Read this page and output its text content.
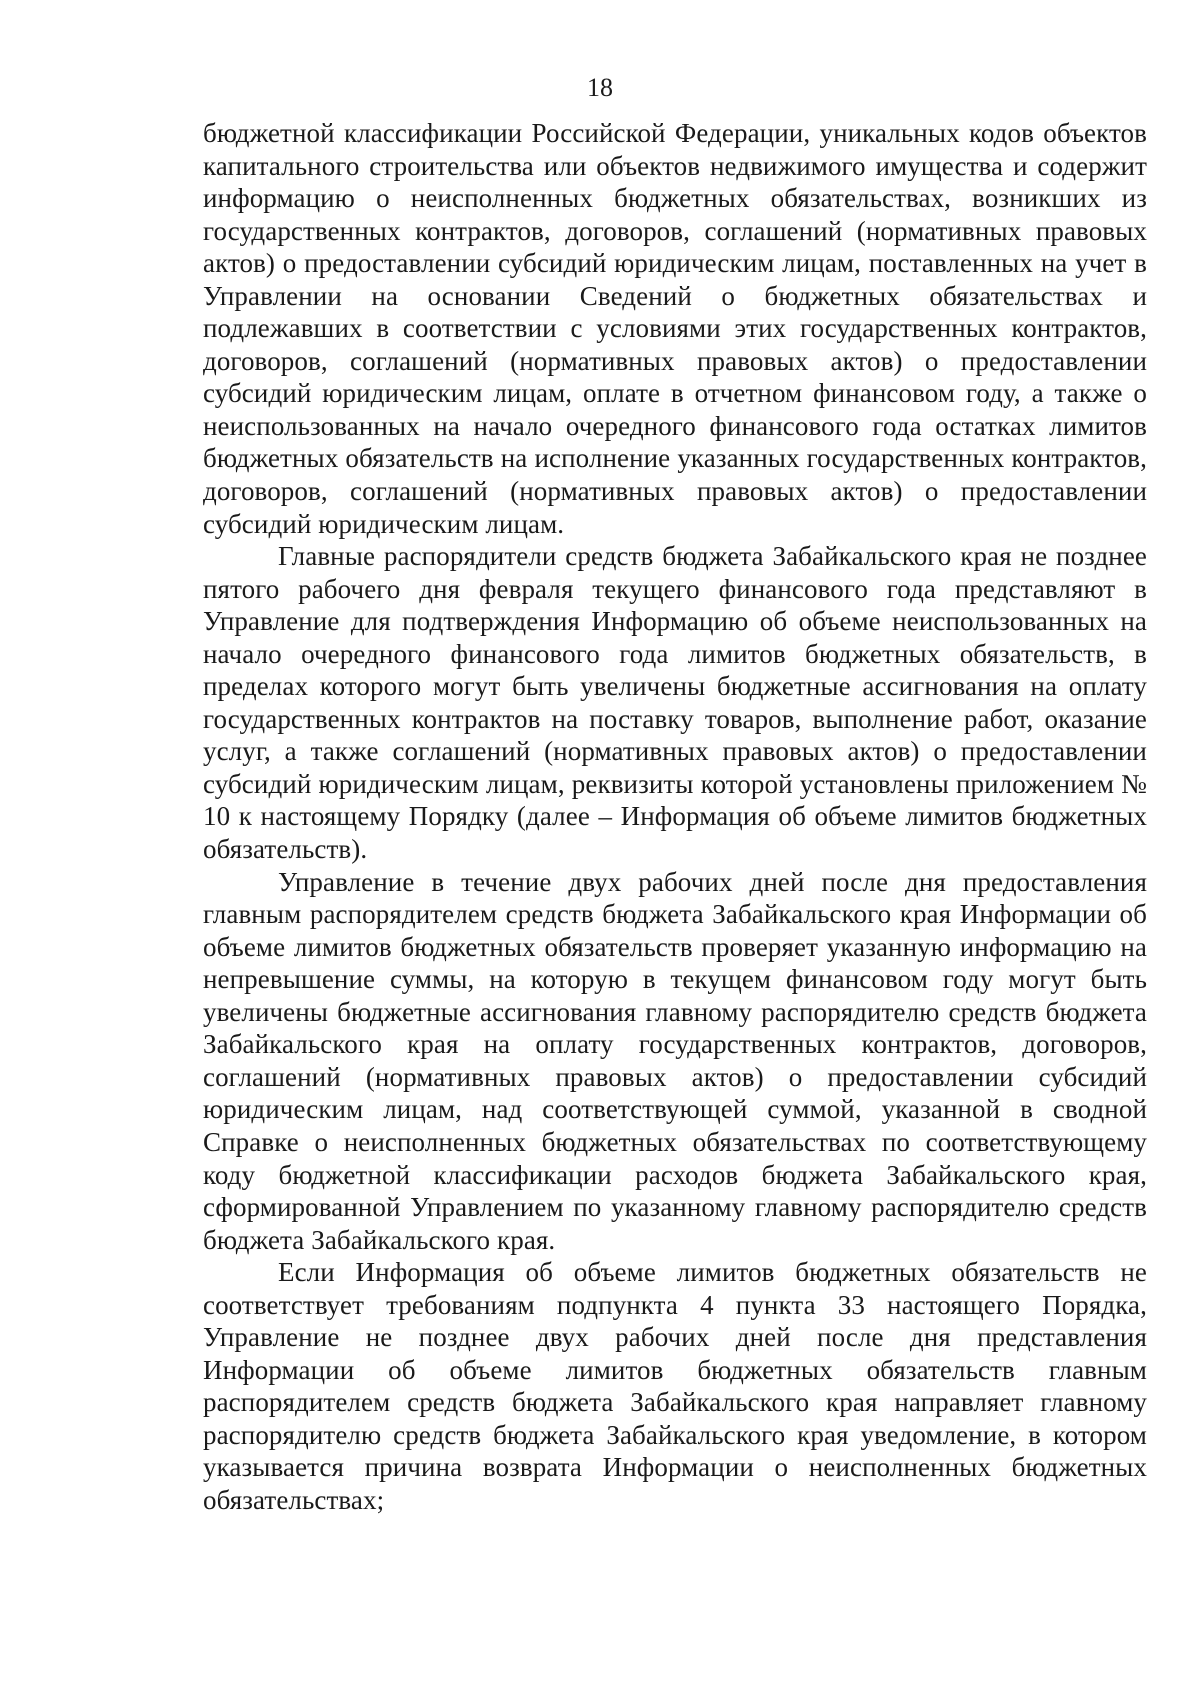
18

бюджетной классификации Российской Федерации, уникальных кодов объектов капитального строительства или объектов недвижимого имущества и содержит информацию о неисполненных бюджетных обязательствах, возникших из государственных контрактов, договоров, соглашений (нормативных правовых актов) о предоставлении субсидий юридическим лицам, поставленных на учет в Управлении на основании Сведений о бюджетных обязательствах и подлежавших в соответствии с условиями этих государственных контрактов, договоров, соглашений (нормативных правовых актов) о предоставлении субсидий юридическим лицам, оплате в отчетном финансовом году, а также о неиспользованных на начало очередного финансового года остатках лимитов бюджетных обязательств на исполнение указанных государственных контрактов, договоров, соглашений (нормативных правовых актов) о предоставлении субсидий юридическим лицам.

Главные распорядители средств бюджета Забайкальского края не позднее пятого рабочего дня февраля текущего финансового года представляют в Управление для подтверждения Информацию об объеме неиспользованных на начало очередного финансового года лимитов бюджетных обязательств, в пределах которого могут быть увеличены бюджетные ассигнования на оплату государственных контрактов на поставку товаров, выполнение работ, оказание услуг, а также соглашений (нормативных правовых актов) о предоставлении субсидий юридическим лицам, реквизиты которой установлены приложением № 10 к настоящему Порядку (далее – Информация об объеме лимитов бюджетных обязательств).

Управление в течение двух рабочих дней после дня предоставления главным распорядителем средств бюджета Забайкальского края Информации об объеме лимитов бюджетных обязательств проверяет указанную информацию на непревышение суммы, на которую в текущем финансовом году могут быть увеличены бюджетные ассигнования главному распорядителю средств бюджета Забайкальского края на оплату государственных контрактов, договоров, соглашений (нормативных правовых актов) о предоставлении субсидий юридическим лицам, над соответствующей суммой, указанной в сводной Справке о неисполненных бюджетных обязательствах по соответствующему коду бюджетной классификации расходов бюджета Забайкальского края, сформированной Управлением по указанному главному распорядителю средств бюджета Забайкальского края.

Если Информация об объеме лимитов бюджетных обязательств не соответствует требованиям подпункта 4 пункта 33 настоящего Порядка, Управление не позднее двух рабочих дней после дня представления Информации об объеме лимитов бюджетных обязательств главным распорядителем средств бюджета Забайкальского края направляет главному распорядителю средств бюджета Забайкальского края уведомление, в котором указывается причина возврата Информации о неисполненных бюджетных обязательствах;
